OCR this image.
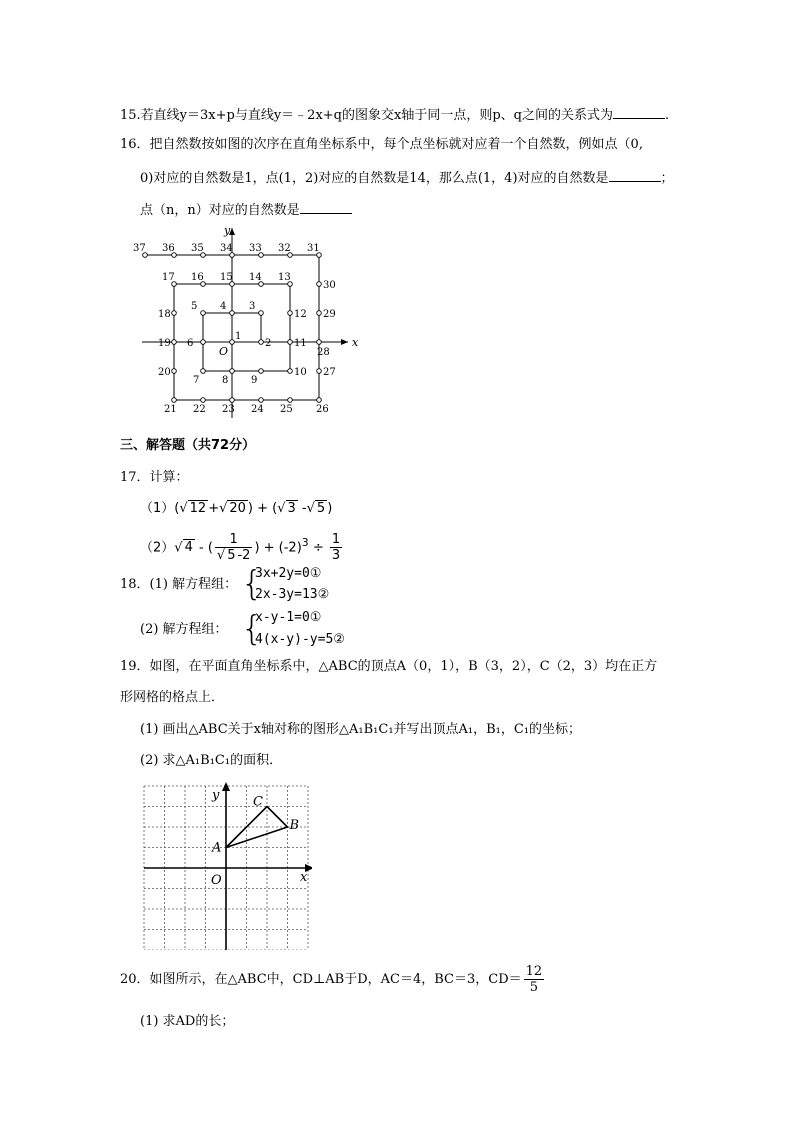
15.若直线y＝3x+p与直线y＝﹣2x+q的图象交x轴于同一点，则p、q之间的关系式为	.
16．把自然数按如图的次序在直角坐标系中，每个点坐标就对应着一个自然数，例如点（0,
0)对应的自然数是1，点(1，2)对应的自然数是14，那么点(1，4)对应的自然数是	；
点（n，n）对应的自然数是
x
y
O
1
2
3
4
5
6
7 8 9
10
11
12
13
14
15
16
17
18
19
20
21 22 23 24 25 26
27
28
29
30
31
32
33
34
35
36
37
三、解答题（共72分）
17．计算：
（1）(√ 12 +√ 20 ) + (√ 3 -√ 5 )
（2）√ 4 - ( $\frac{1}{√ 5 -2}$ ) + $(-2)^3 \div \frac{1}{3}$
18．(1) 解方程组： {
3x+2y=0①
2x-3y=13②
(2) 解方程组： {
x-y-1=0①
4(x-y)-y=5②
19．如图，在平面直角坐标系中，△ABC的顶点A（0，1），B（3，2），C（2，3）均在正方
形网格的格点上．
(1) 画出△ABC关于x轴对称的图形△A₁B₁C₁并写出顶点A₁，B₁，C₁的坐标；
(2) 求△A₁B₁C₁的面积．
A
B
C
O	x
y
20．如图所示，在△ABC中，CD⊥AB于D，AC＝4，BC＝3，$CD= \frac{12}{5}$
(1) 求AD的长；
